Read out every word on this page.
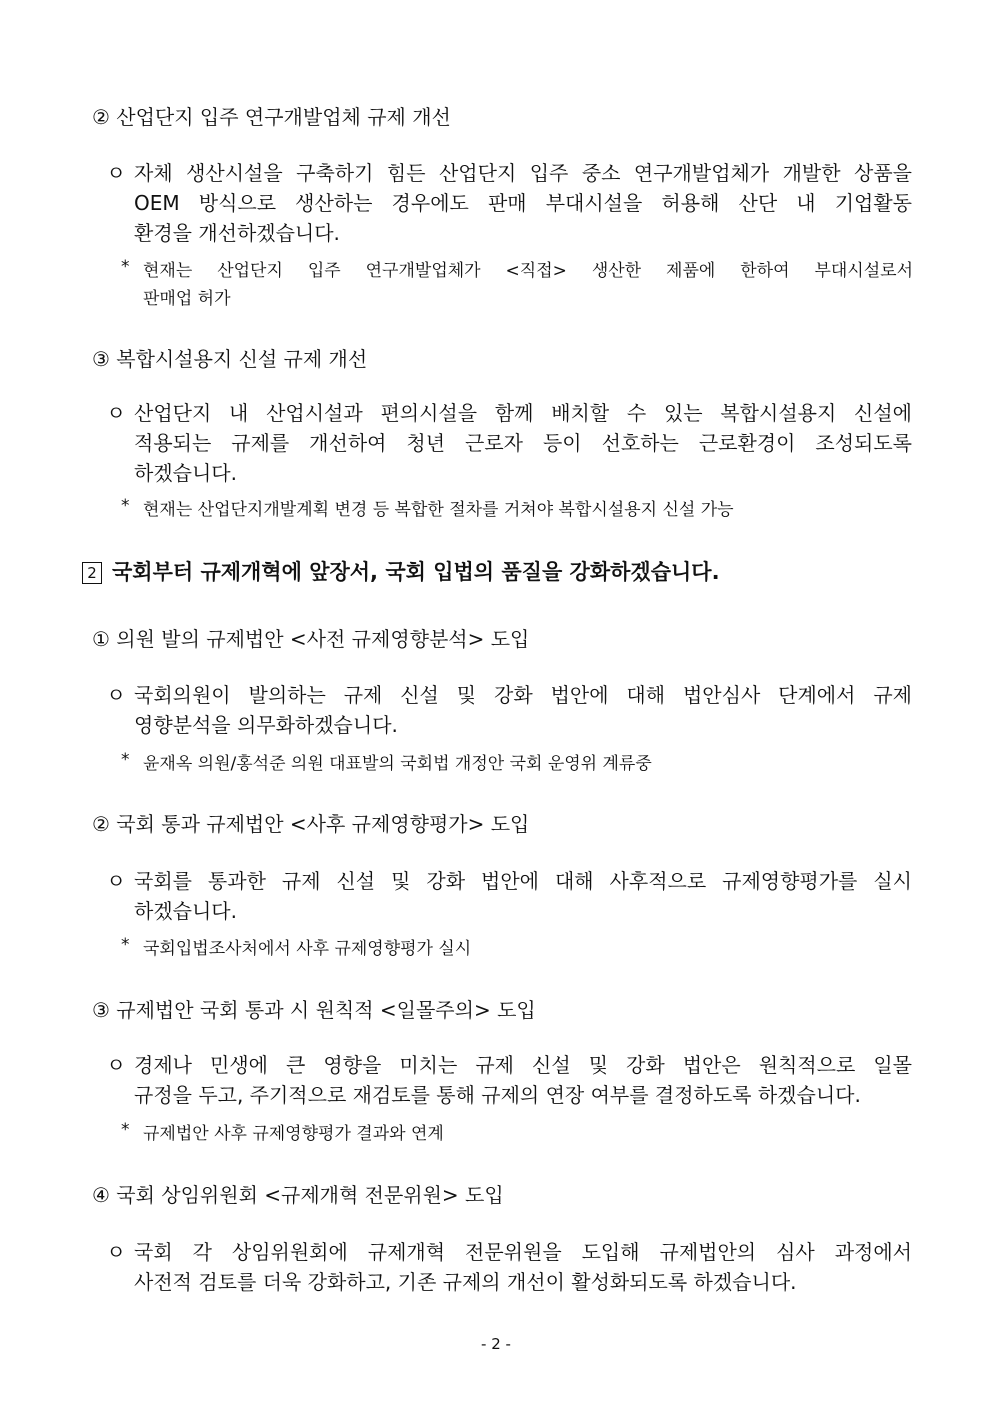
② 산업단지 입주 연구개발업체 규제 개선
ㅇ 자체 생산시설을 구축하기 힘든 산업단지 입주 중소 연구개발업체가 개발한 상품을
OEM 방식으로 생산하는 경우에도 판매 부대시설을 허용해 산단 내 기업활동
환경을 개선하겠습니다.
* 현재는 산업단지 입주 연구개발업체가 <직접> 생산한 제품에 한하여 부대시설로서
판매업 허가
③ 복합시설용지 신설 규제 개선
ㅇ 산업단지 내 산업시설과 편의시설을 함께 배치할 수 있는 복합시설용지 신설에
적용되는 규제를 개선하여 청년 근로자 등이 선호하는 근로환경이 조성되도록
하겠습니다.
* 현재는 산업단지개발계획 변경 등 복합한 절차를 거쳐야 복합시설용지 신설 가능
2 국회부터 규제개혁에 앞장서, 국회 입법의 품질을 강화하겠습니다.
① 의원 발의 규제법안 <사전 규제영향분석> 도입
ㅇ 국회의원이 발의하는 규제 신설 및 강화 법안에 대해 법안심사 단계에서 규제
영향분석을 의무화하겠습니다.
* 윤재옥 의원/홍석준 의원 대표발의 국회법 개정안 국회 운영위 계류중
② 국회 통과 규제법안 <사후 규제영향평가> 도입
ㅇ 국회를 통과한 규제 신설 및 강화 법안에 대해 사후적으로 규제영향평가를 실시
하겠습니다.
* 국회입법조사처에서 사후 규제영향평가 실시
③ 규제법안 국회 통과 시 원칙적 <일몰주의> 도입
ㅇ 경제나 민생에 큰 영향을 미치는 규제 신설 및 강화 법안은 원칙적으로 일몰
규정을 두고, 주기적으로 재검토를 통해 규제의 연장 여부를 결정하도록 하겠습니다.
* 규제법안 사후 규제영향평가 결과와 연계
④ 국회 상임위원회 <규제개혁 전문위원> 도입
ㅇ 국회 각 상임위원회에 규제개혁 전문위원을 도입해 규제법안의 심사 과정에서
사전적 검토를 더욱 강화하고, 기존 규제의 개선이 활성화되도록 하겠습니다.
- 2 -
